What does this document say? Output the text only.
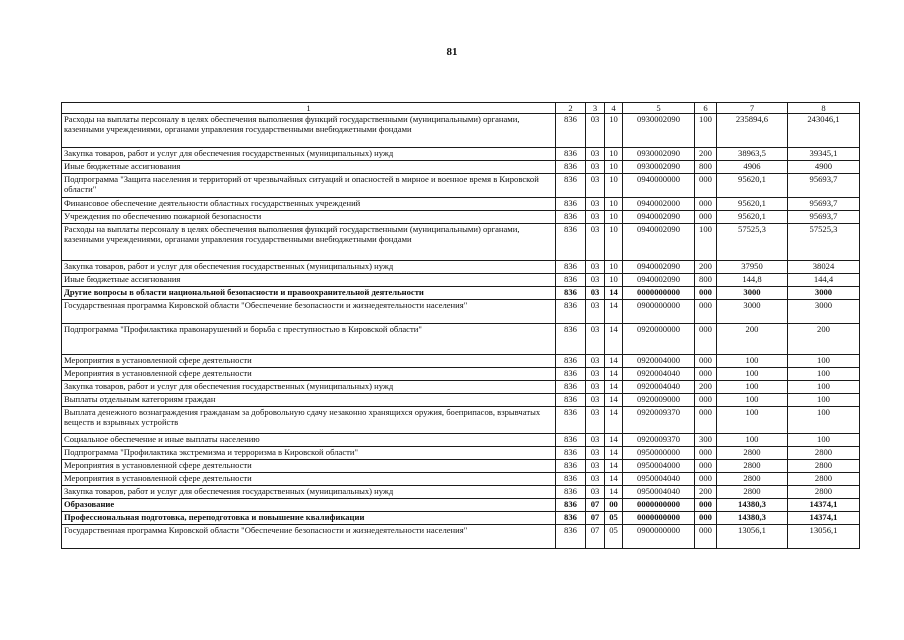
81
1	2	3	4	5	6	7	8
Расходы на выплаты персоналу в целях обеспечения выполнения функций государственными (муниципальными) органами, казенными учреждениями, органами управления государственными внебюджетными фондами	836	03	10	0930002090	100	235894,6	243046,1
Закупка товаров, работ и услуг для обеспечения государственных (муниципальных) нужд	836	03	10	0930002090	200	38963,5	39345,1
Иные бюджетные ассигнования	836	03	10	0930002090	800	4906	4900
Подпрограмма "Защита населения и территорий от чрезвычайных ситуаций и опасностей в мирное и военное время в Кировской области"	836	03	10	0940000000	000	95620,1	95693,7
Финансовое обеспечение деятельности областных государственных учреждений	836	03	10	0940002000	000	95620,1	95693,7
Учреждения по обеспечению пожарной безопасности	836	03	10	0940002090	000	95620,1	95693,7
Расходы на выплаты персоналу в целях обеспечения выполнения функций государственными (муниципальными) органами, казенными учреждениями, органами управления государственными внебюджетными фондами	836	03	10	0940002090	100	57525,3	57525,3
Закупка товаров, работ и услуг для обеспечения государственных (муниципальных) нужд	836	03	10	0940002090	200	37950	38024
Иные бюджетные ассигнования	836	03	10	0940002090	800	144,8	144,4
Другие вопросы в области национальной безопасности и правоохранительной деятельности	836	03	14	0000000000	000	3000	3000
Государственная программа Кировской области "Обеспечение безопасности и жизнедеятельности населения"	836	03	14	0900000000	000	3000	3000
Подпрограмма "Профилактика правонарушений и борьба с преступностью в Кировской области"	836	03	14	0920000000	000	200	200
Мероприятия в установленной сфере деятельности	836	03	14	0920004000	000	100	100
Мероприятия в установленной сфере деятельности	836	03	14	0920004040	000	100	100
Закупка товаров, работ и услуг для обеспечения государственных (муниципальных) нужд	836	03	14	0920004040	200	100	100
Выплаты отдельным категориям граждан	836	03	14	0920009000	000	100	100
Выплата денежного вознаграждения гражданам за добровольную сдачу незаконно хранящихся оружия, боеприпасов, взрывчатых веществ и взрывных устройств	836	03	14	0920009370	000	100	100
Социальное обеспечение и иные выплаты населению	836	03	14	0920009370	300	100	100
Подпрограмма "Профилактика экстремизма и терроризма в Кировской области"	836	03	14	0950000000	000	2800	2800
Мероприятия в установленной сфере деятельности	836	03	14	0950004000	000	2800	2800
Мероприятия в установленной сфере деятельности	836	03	14	0950004040	000	2800	2800
Закупка товаров, работ и услуг для обеспечения государственных (муниципальных) нужд	836	03	14	0950004040	200	2800	2800
Образование	836	07	00	0000000000	000	14380,3	14374,1
Профессиональная подготовка, переподготовка и повышение квалификации	836	07	05	0000000000	000	14380,3	14374,1
Государственная программа Кировской области "Обеспечение безопасности и жизнедеятельности населения"	836	07	05	0900000000	000	13056,1	13056,1
